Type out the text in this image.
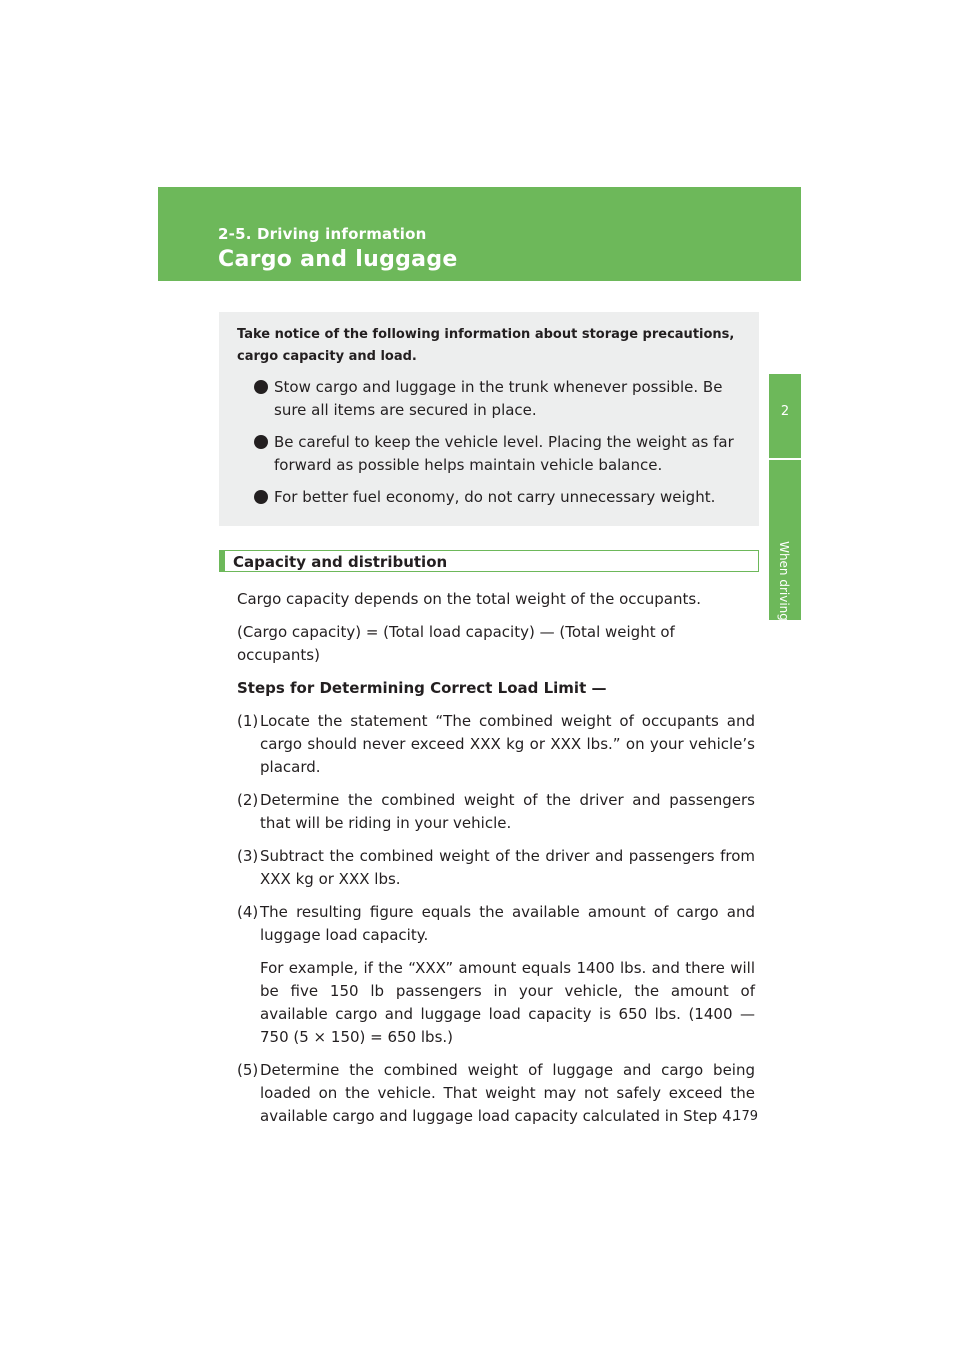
2-5. Driving information
Cargo and luggage
2
When driving

Take notice of the following information about storage precautions, cargo capacity and load.

Stow cargo and luggage in the trunk whenever possible. Be sure all items are secured in place.
Be careful to keep the vehicle level. Placing the weight as far forward as possible helps maintain vehicle balance.
For better fuel economy, do not carry unnecessary weight.
Capacity and distribution

Cargo capacity depends on the total weight of the occupants.

(Cargo capacity) = (Total load capacity) — (Total weight of occupants)

Steps for Determining Correct Load Limit —

(1) Locate the statement “The combined weight of occupants and cargo should never exceed XXX kg or XXX lbs.” on your vehicle’s placard.

(2) Determine the combined weight of the driver and passengers that will be riding in your vehicle.

(3) Subtract the combined weight of the driver and passengers from XXX kg or XXX lbs.

(4) The resulting figure equals the available amount of cargo and luggage load capacity.

For example, if the “XXX” amount equals 1400 lbs. and there will be five 150 lb passengers in your vehicle, the amount of available cargo and luggage load capacity is 650 lbs. (1400 — 750 (5 × 150) = 650 lbs.)

(5) Determine the combined weight of luggage and cargo being loaded on the vehicle. That weight may not safely exceed the available cargo and luggage load capacity calculated in Step 4.

179
